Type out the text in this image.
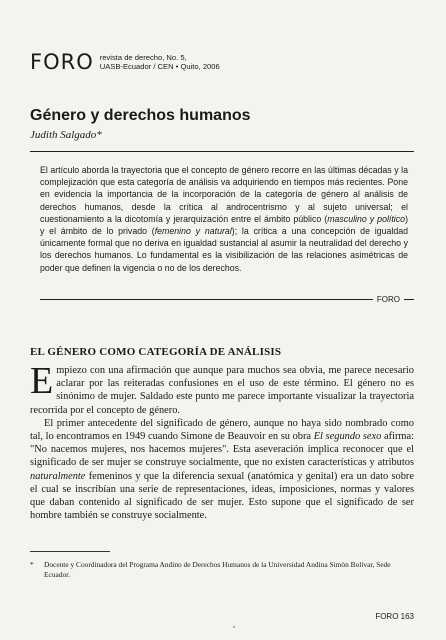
FORO revista de derecho, No. 5,
UASB-Ecuador / CEN • Quito, 2006
Género y derechos humanos
Judith Salgado*

El artículo aborda la trayectoria que el concepto de género recorre en las últimas décadas y la complejización que esta categoría de análisis va adquiriendo en tiempos más recientes. Pone en evidencia la importancia de la incorporación de la categoría de género al análisis de derechos humanos, desde la crítica al androcentrismo y al sujeto universal; el cuestionamiento a la dicotomía y jerarquización entre el ámbito público (masculino y político) y el ámbito de lo privado (femenino y natural); la crítica a una concepción de igualdad únicamente formal que no deriva en igualdad sustancial al asumir la neutralidad del derecho y los derechos humanos. Lo fundamental es la visibilización de las relaciones asimétricas de poder que definen la vigencia o no de los derechos.

FORO
EL GÉNERO COMO CATEGORÍA DE ANÁLISIS

Empiezo con una afirmación que aunque para muchos sea obvia, me parece necesario aclarar por las reiteradas confusiones en el uso de este término. El género no es sinónimo de mujer. Saldado este punto me parece importante visualizar la trayectoria recorrida por el concepto de género.

El primer antecedente del significado de género, aunque no haya sido nombrado como tal, lo encontramos en 1949 cuando Simone de Beauvoir en su obra El segundo sexo afirma: "No nacemos mujeres, nos hacemos mujeres". Esta aseveración implica reconocer que el significado de ser mujer se construye socialmente, que no existen características y atributos naturalmente femeninos y que la diferencia sexual (anatómica y genital) era un dato sobre el cual se inscribían una serie de representaciones, ideas, imposiciones, normas y valores que daban contenido al significado de ser mujer. Esto supone que el significado de ser hombre también se construye socialmente.

*	Docente y Coordinadora del Programa Andino de Derechos Humanos de la Universidad Andina Simón Bolívar, Sede Ecuador.
FORO 163
